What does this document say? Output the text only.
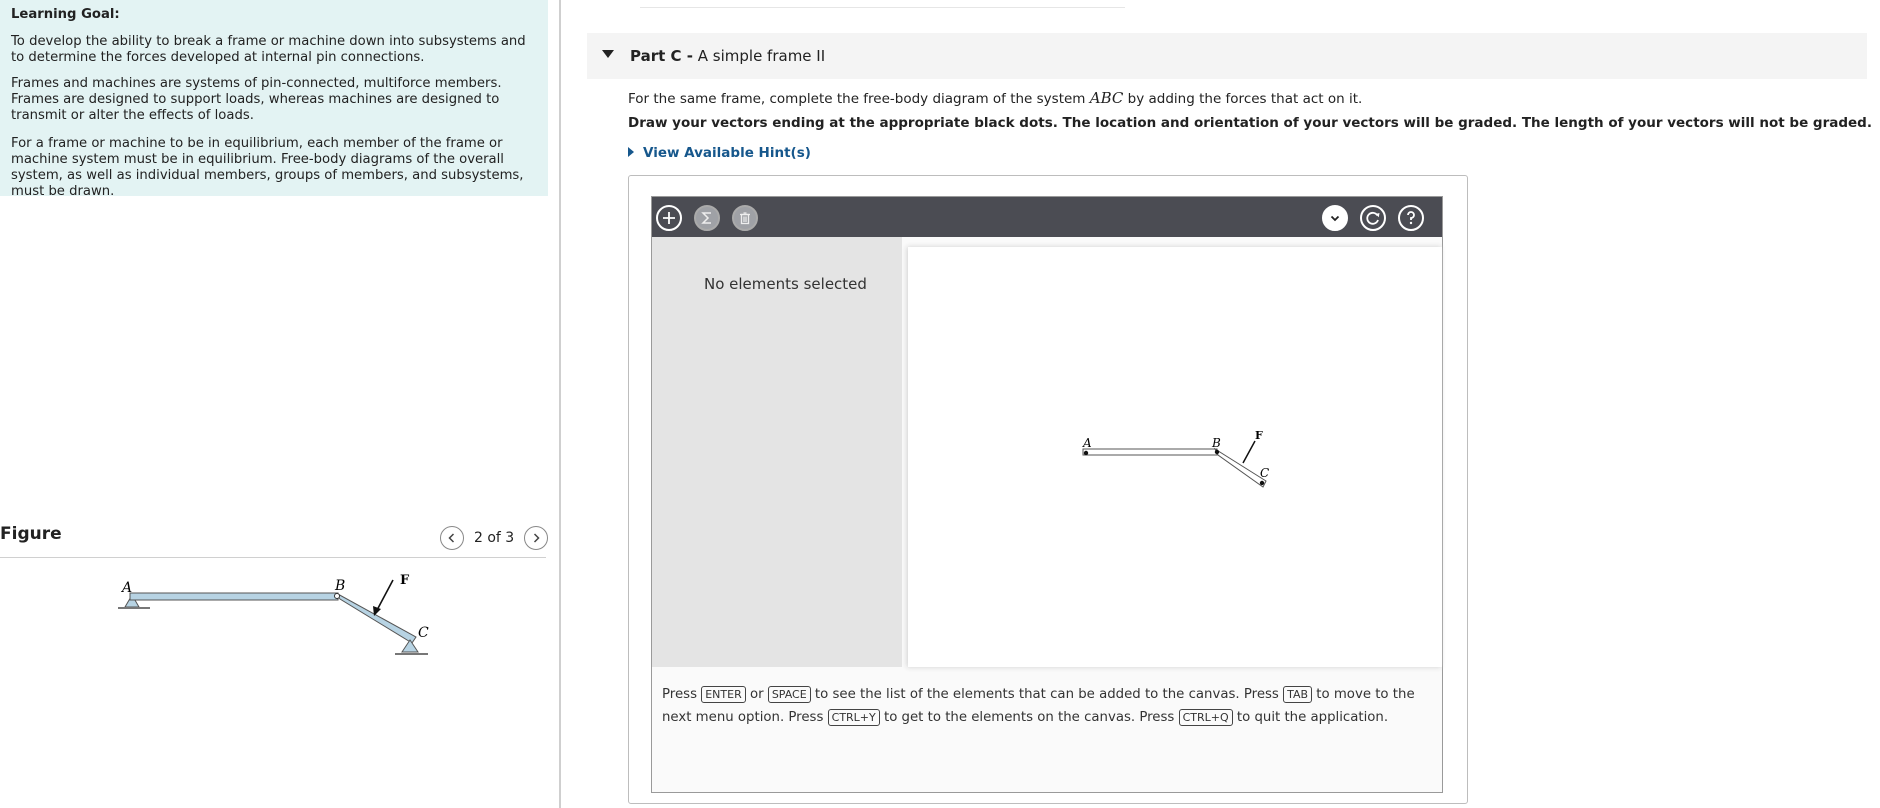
Learning Goal:

To develop the ability to break a frame or machine down into subsystems and to determine the forces developed at internal pin connections.

Frames and machines are systems of pin-connected, multiforce members. Frames are designed to support loads, whereas machines are designed to transmit or alter the effects of loads.

For a frame or machine to be in equilibrium, each member of the frame or machine system must be in equilibrium. Free-body diagrams of the overall system, as well as individual members, groups of members, and subsystems, must be drawn.

Figure	2 of 3
A	B	F
C
Part C - A simple frame II
For the same frame, complete the free-body diagram of the system ABC by adding the forces that act on it.
Draw your vectors ending at the appropriate black dots. The location and orientation of your vectors will be graded. The length of your vectors will not be graded.
View Available Hint(s)
No elements selected
A	B
F
C
Press ENTER or SPACE to see the list of the elements that can be added to the canvas. Press TAB to move to the next menu option. Press CTRL+Y to get to the elements on the canvas. Press CTRL+Q to quit the application.
